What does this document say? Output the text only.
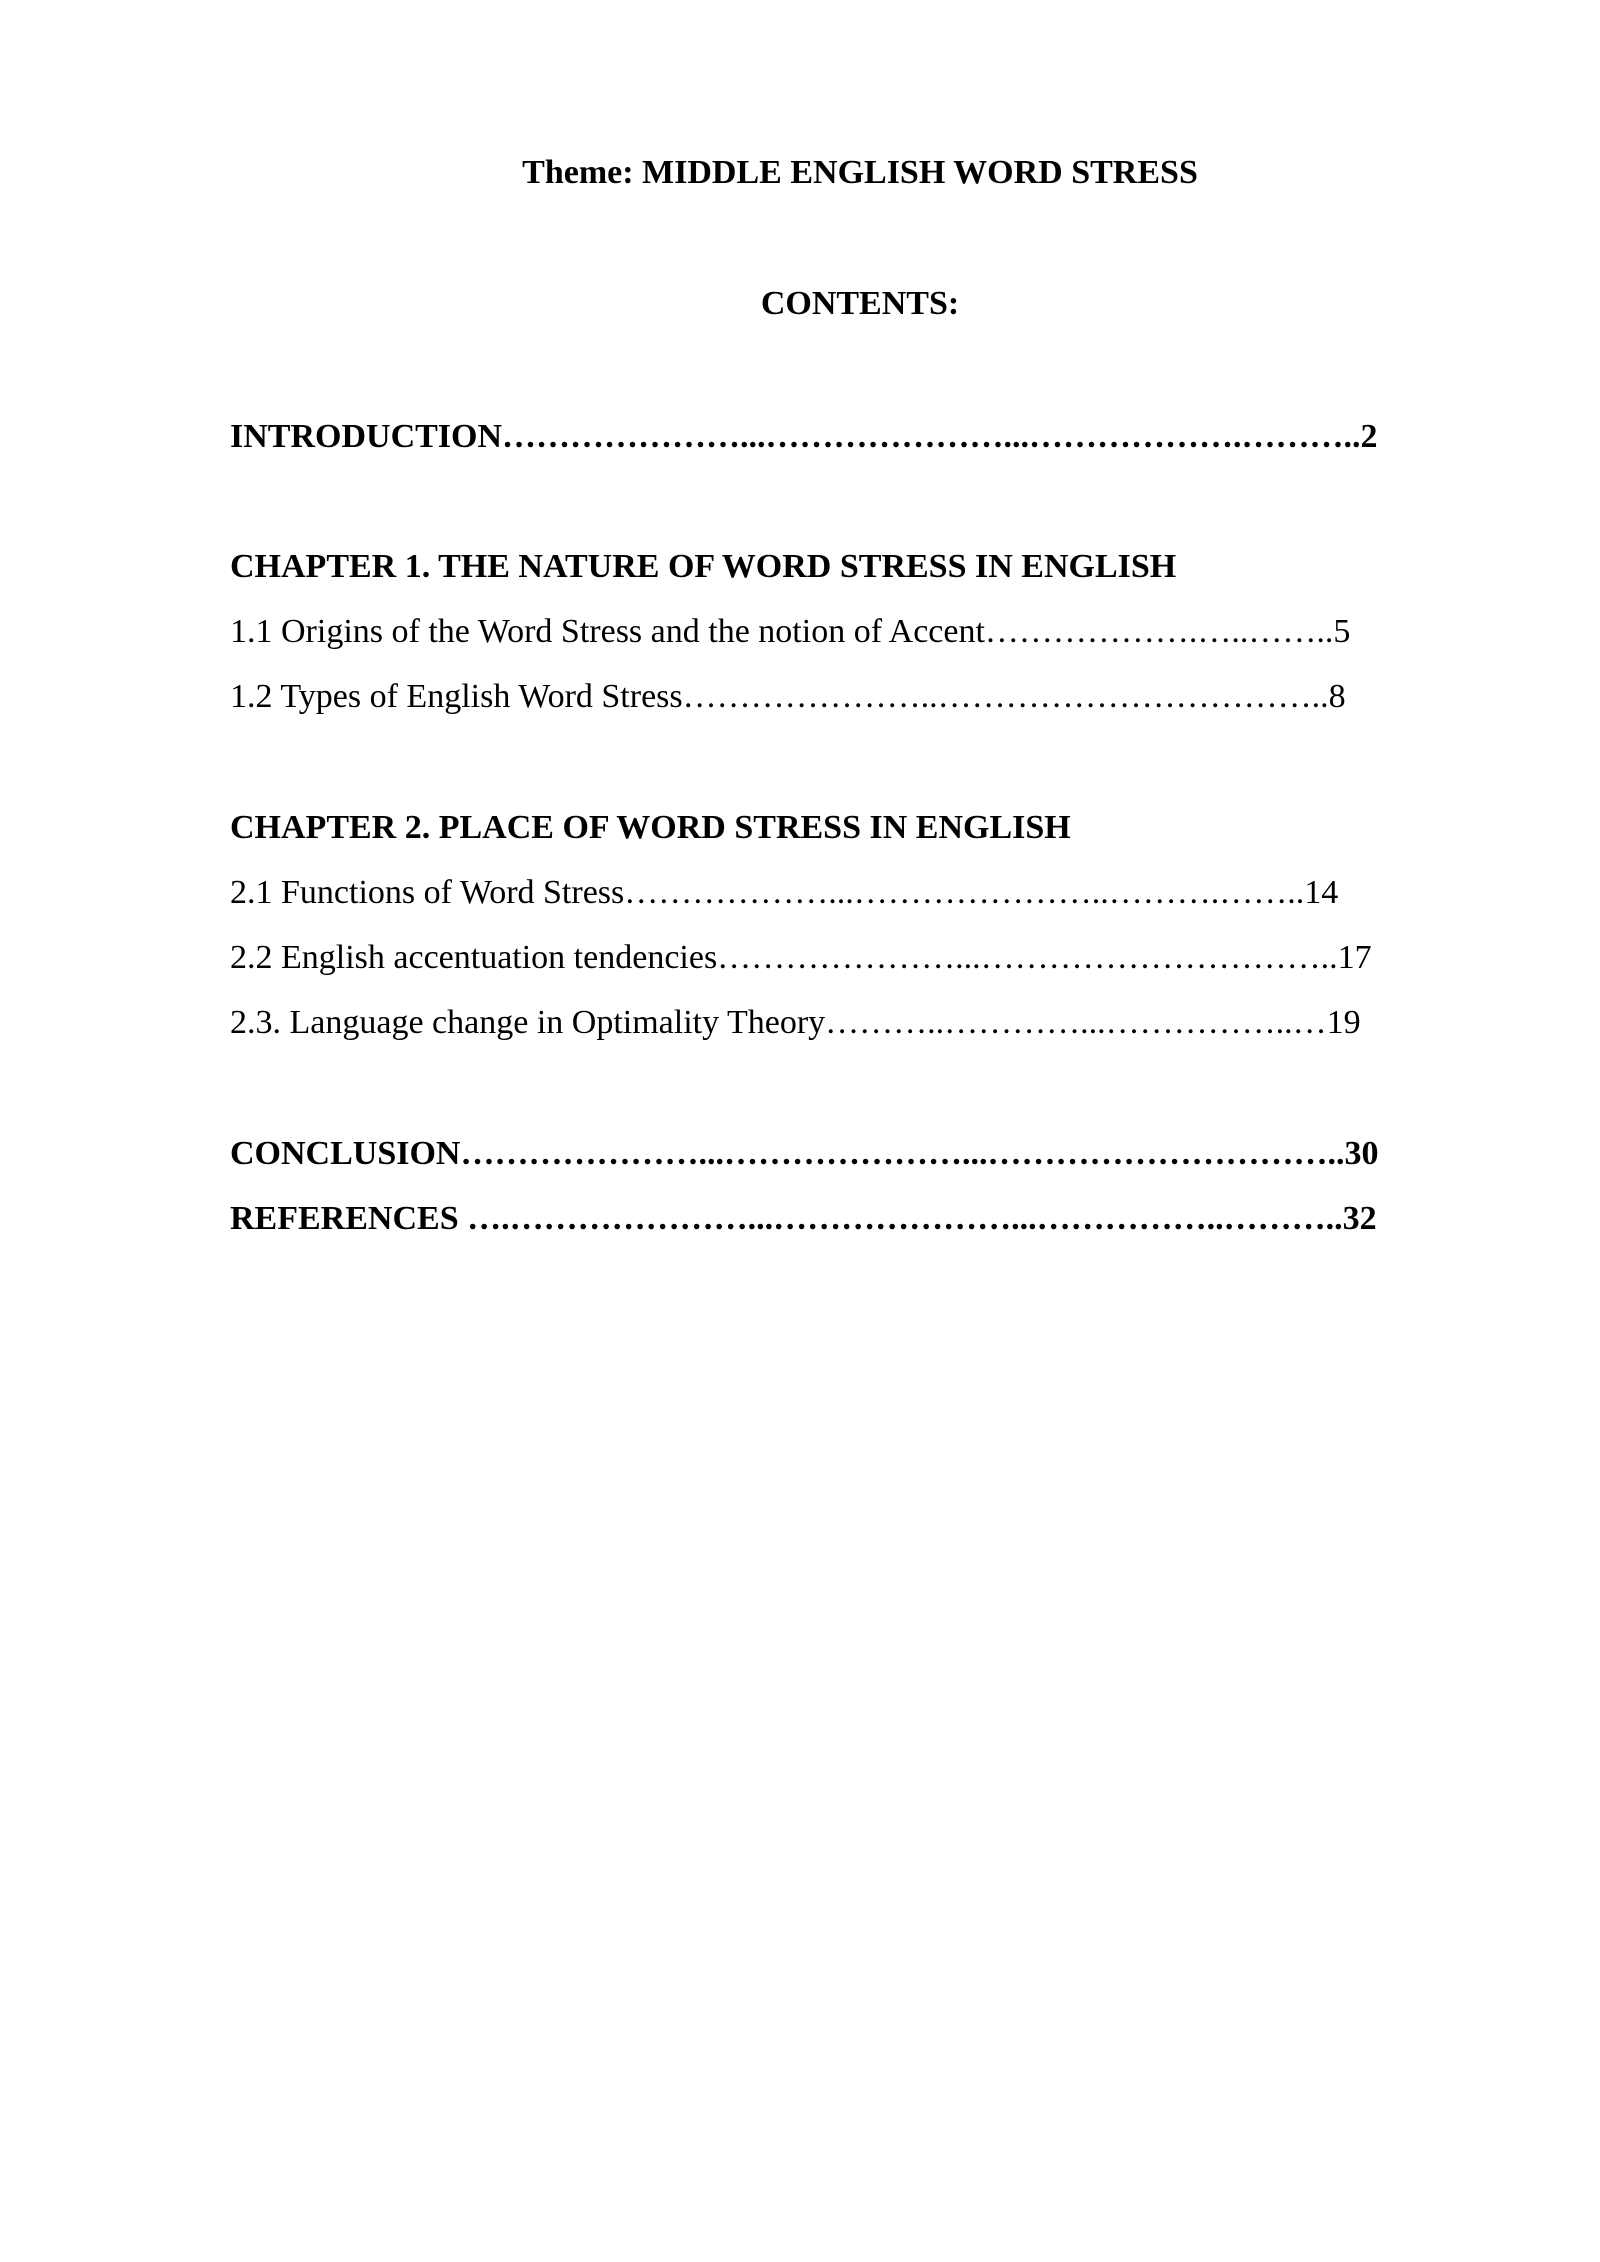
Theme: MIDDLE ENGLISH WORD STRESS
CONTENTS:
INTRODUCTION…………………...…………………...……………….………..2
CHAPTER 1. THE NATURE OF WORD STRESS IN ENGLISH
1.1 Origins of the Word Stress and the notion of Accent……………….…..……..5
1.2 Types of English Word Stress…………………..……………………………..8
CHAPTER 2. PLACE OF WORD STRESS IN ENGLISH
2.1 Functions of Word Stress………………...…………………..……….……..14
2.2 English accentuation tendencies…………………...…………………………..17
2.3. Language change in Optimality Theory………..…………...……………..…19
CONCLUSION…………………...…………………...…………………………..30
REFERENCES ….…………………...…………………...……………..………..32
